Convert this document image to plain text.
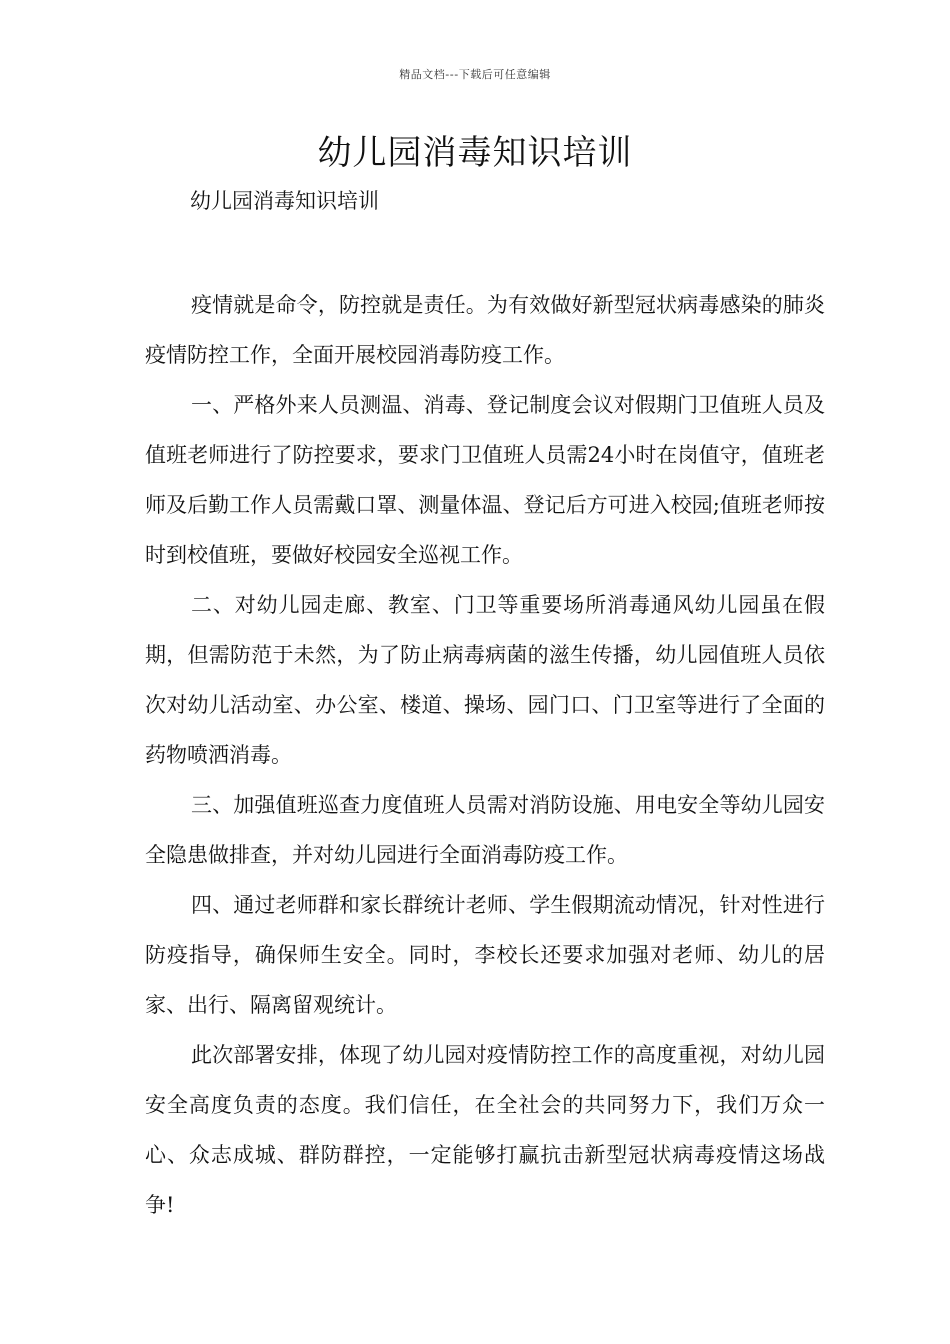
精品文档---下载后可任意编辑
幼儿园消毒知识培训
幼儿园消毒知识培训

疫情就是命令，防控就是责任。为有效做好新型冠状病毒感染的肺炎疫情防控工作，全面开展校园消毒防疫工作。

一、严格外来人员测温、消毒、登记制度会议对假期门卫值班人员及值班老师进行了防控要求，要求门卫值班人员需24小时在岗值守，值班老师及后勤工作人员需戴口罩、测量体温、登记后方可进入校园;值班老师按时到校值班，要做好校园安全巡视工作。

二、对幼儿园走廊、教室、门卫等重要场所消毒通风幼儿园虽在假期，但需防范于未然，为了防止病毒病菌的滋生传播，幼儿园值班人员依次对幼儿活动室、办公室、楼道、操场、园门口、门卫室等进行了全面的药物喷洒消毒。

三、加强值班巡查力度值班人员需对消防设施、用电安全等幼儿园安全隐患做排查，并对幼儿园进行全面消毒防疫工作。

四、通过老师群和家长群统计老师、学生假期流动情况，针对性进行防疫指导，确保师生安全。同时，李校长还要求加强对老师、幼儿的居家、出行、隔离留观统计。

此次部署安排，体现了幼儿园对疫情防控工作的高度重视，对幼儿园安全高度负责的态度。我们信任，在全社会的共同努力下，我们万众一心、众志成城、群防群控，一定能够打赢抗击新型冠状病毒疫情这场战争!
